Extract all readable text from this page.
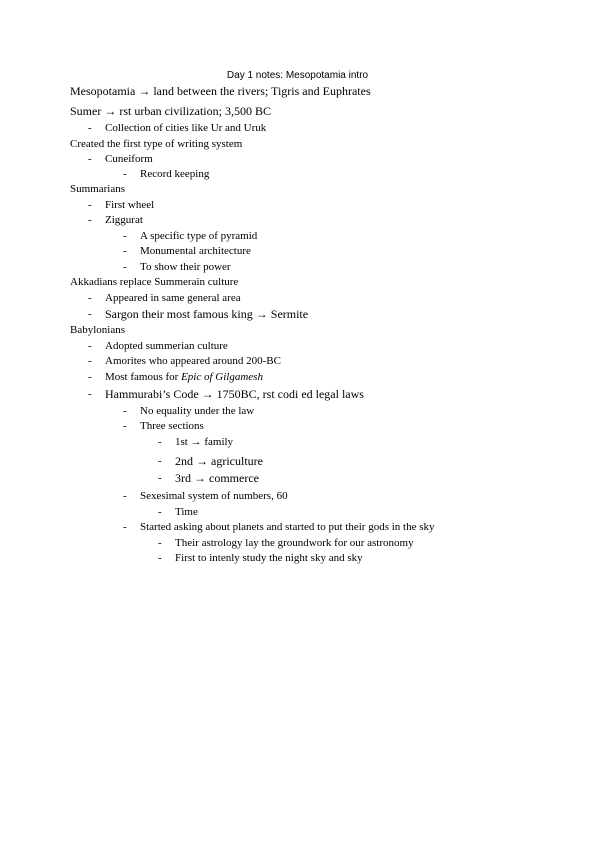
Day 1 notes: Mesopotamia intro
Mesopotamia → land between the rivers; Tigris and Euphrates
Sumer → rst urban civilization; 3,500 BC
- Collection of cities like Ur and Uruk
Created the first type of writing system
- Cuneiform
- Record keeping
Summarians
- First wheel
- Ziggurat
- A specific type of pyramid
- Monumental architecture
- To show their power
Akkadians replace Summerain culture
- Appeared in same general area
- Sargon their most famous king → Sermite
Babylonians
- Adopted summerian culture
- Amorites who appeared around 200-BC
- Most famous for Epic of Gilgamesh
- Hammurabi’s Code → 1750BC, rst codi ed legal laws
- No equality under the law
- Three sections
- 1st → family
- 2nd → agriculture
- 3rd → commerce
- Sexesimal system of numbers, 60
- Time
- Started asking about planets and started to put their gods in the sky
- Their astrology lay the groundwork for our astronomy
- First to intenly study the night sky and sky
